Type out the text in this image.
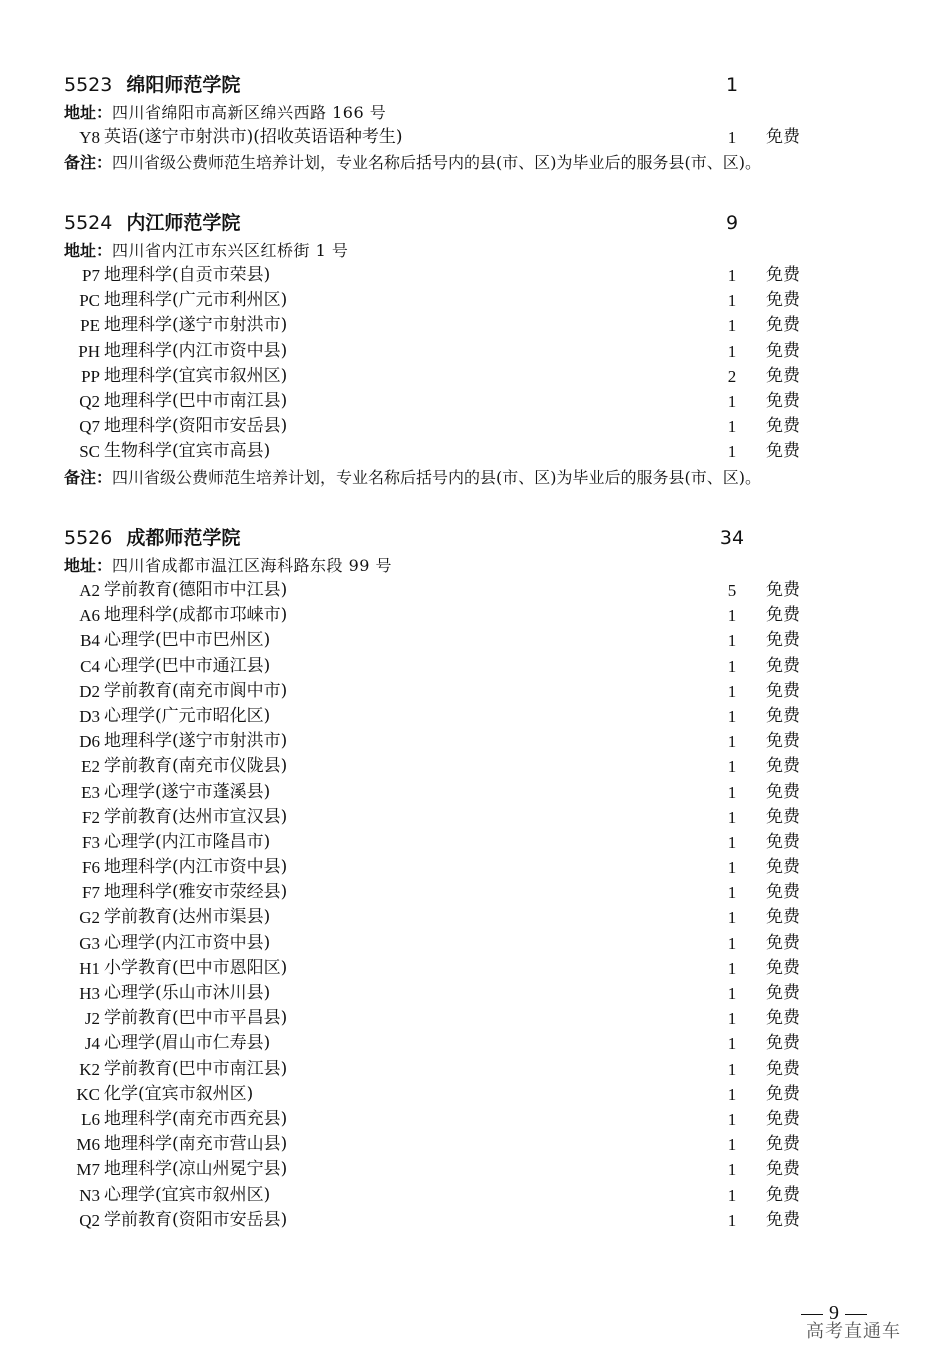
5523 绵阳师范学院	1
地址：四川省绵阳市高新区绵兴西路 166 号
Y8 英语(遂宁市射洪市)(招收英语语种考生)	1	免费
备注：四川省级公费师范生培养计划，专业名称后括号内的县(市、区)为毕业后的服务县(市、区)。
5524 内江师范学院	9
地址：四川省内江市东兴区红桥街 1 号
P7 地理科学(自贡市荣县)	1	免费
PC 地理科学(广元市利州区)	1	免费
PE 地理科学(遂宁市射洪市)	1	免费
PH 地理科学(内江市资中县)	1	免费
PP 地理科学(宜宾市叙州区)	2	免费
Q2 地理科学(巴中市南江县)	1	免费
Q7 地理科学(资阳市安岳县)	1	免费
SC 生物科学(宜宾市高县)	1	免费
备注：四川省级公费师范生培养计划，专业名称后括号内的县(市、区)为毕业后的服务县(市、区)。
5526 成都师范学院	34
地址：四川省成都市温江区海科路东段 99 号
A2 学前教育(德阳市中江县)	5	免费
A6 地理科学(成都市邛崃市)	1	免费
B4 心理学(巴中市巴州区)	1	免费
C4 心理学(巴中市通江县)	1	免费
D2 学前教育(南充市阆中市)	1	免费
D3 心理学(广元市昭化区)	1	免费
D6 地理科学(遂宁市射洪市)	1	免费
E2 学前教育(南充市仪陇县)	1	免费
E3 心理学(遂宁市蓬溪县)	1	免费
F2 学前教育(达州市宣汉县)	1	免费
F3 心理学(内江市隆昌市)	1	免费
F6 地理科学(内江市资中县)	1	免费
F7 地理科学(雅安市荥经县)	1	免费
G2 学前教育(达州市渠县)	1	免费
G3 心理学(内江市资中县)	1	免费
H1 小学教育(巴中市恩阳区)	1	免费
H3 心理学(乐山市沐川县)	1	免费
J2 学前教育(巴中市平昌县)	1	免费
J4 心理学(眉山市仁寿县)	1	免费
K2 学前教育(巴中市南江县)	1	免费
KC 化学(宜宾市叙州区)	1	免费
L6 地理科学(南充市西充县)	1	免费
M6 地理科学(南充市营山县)	1	免费
M7 地理科学(凉山州冕宁县)	1	免费
N3 心理学(宜宾市叙州区)	1	免费
Q2 学前教育(资阳市安岳县)	1	免费
9
高考直通车
